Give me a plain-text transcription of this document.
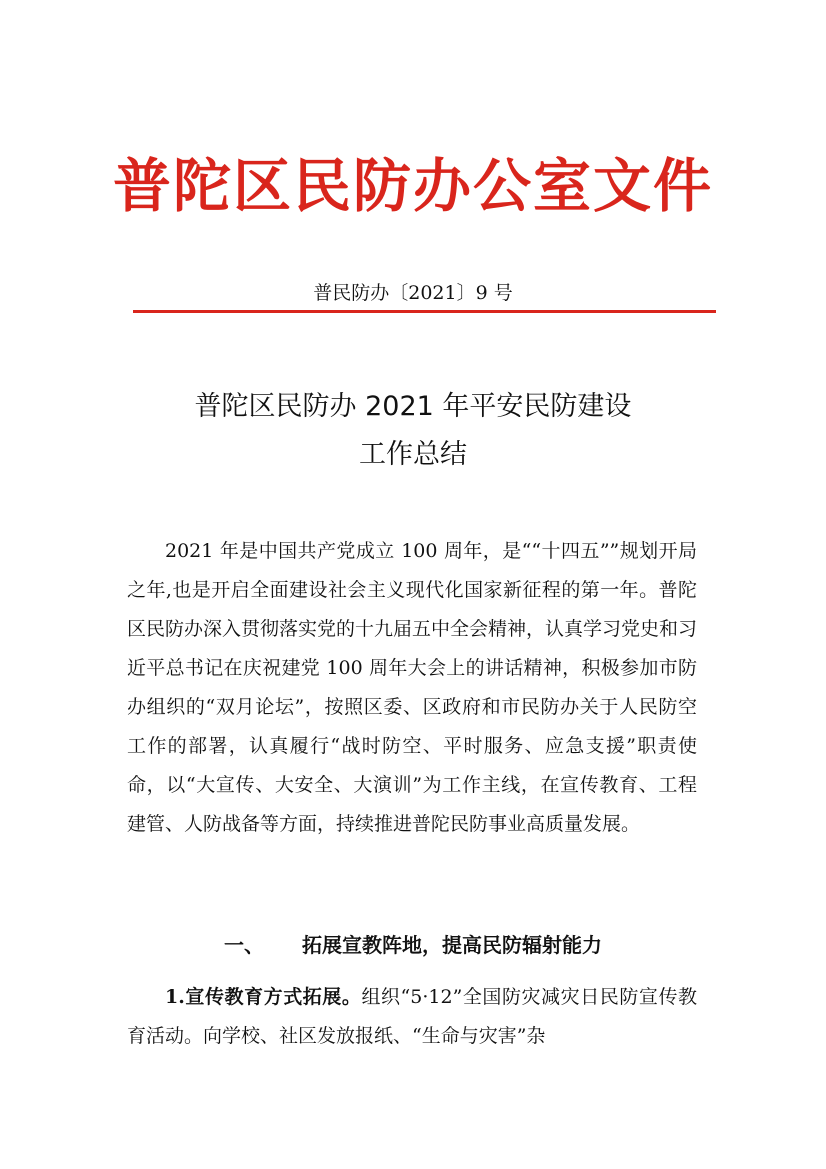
普陀区民防办公室文件
普民防办〔2021〕9 号
普陀区民防办 2021 年平安民防建设
工作总结

2021 年是中国共产党成立 100 周年，是““十四五””规划开局之年,也是开启全面建设社会主义现代化国家新征程的第一年。普陀区民防办深入贯彻落实党的十九届五中全会精神，认真学习党史和习近平总书记在庆祝建党 100 周年大会上的讲话精神，积极参加市防办组织的“双月论坛”，按照区委、区政府和市民防办关于人民防空工作的部署，认真履行“战时防空、平时服务、应急支援”职责使命，以“大宣传、大安全、大演训”为工作主线，在宣传教育、工程建管、人防战备等方面，持续推进普陀民防事业高质量发展。

一、 拓展宣教阵地，提高民防辐射能力

1.宣传教育方式拓展。组织“5·12”全国防灾减灾日民防宣传教育活动。向学校、社区发放报纸、“生命与灾害”杂
